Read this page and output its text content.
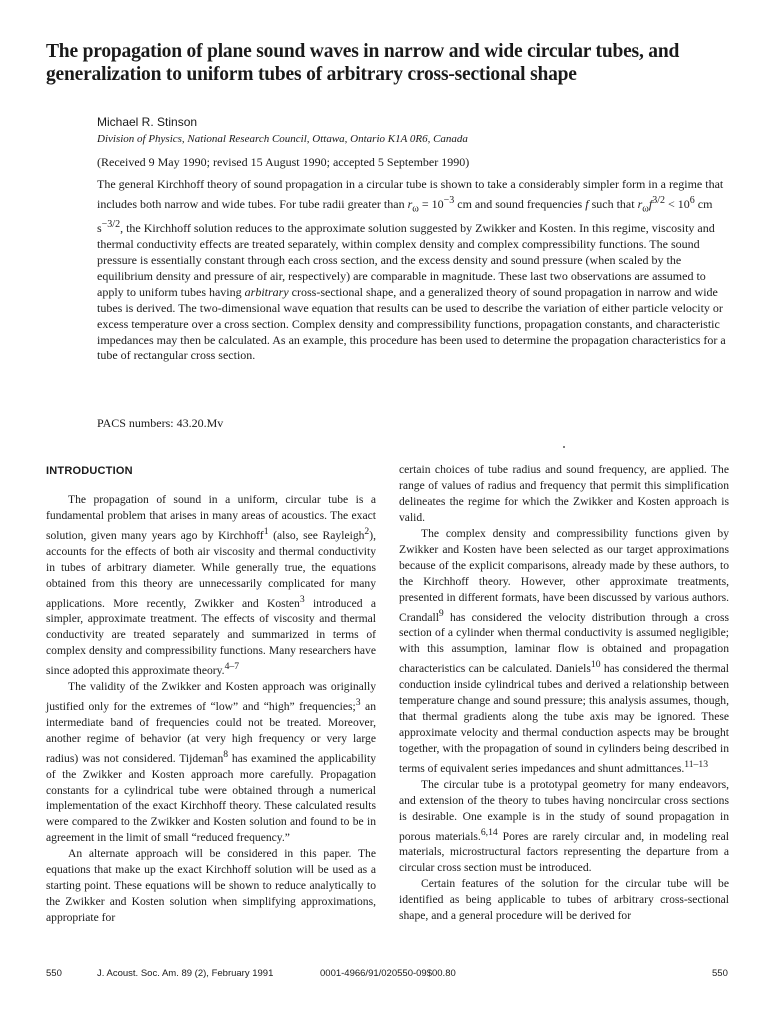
The propagation of plane sound waves in narrow and wide circular tubes, and generalization to uniform tubes of arbitrary cross-sectional shape
Michael R. Stinson
Division of Physics, National Research Council, Ottawa, Ontario K1A 0R6, Canada
(Received 9 May 1990; revised 15 August 1990; accepted 5 September 1990)

The general Kirchhoff theory of sound propagation in a circular tube is shown to take a considerably simpler form in a regime that includes both narrow and wide tubes. For tube radii greater than $r_\omega = 10^{-3}$ cm and sound frequencies f such that $r_\omega f^{3/2} < 10^6$ cm $s^{-3/2}$, the Kirchhoff solution reduces to the approximate solution suggested by Zwikker and Kosten. In this regime, viscosity and thermal conductivity effects are treated separately, within complex density and complex compressibility functions. The sound pressure is essentially constant through each cross section, and the excess density and sound pressure (when scaled by the equilibrium density and pressure of air, respectively) are comparable in magnitude. These last two observations are assumed to apply to uniform tubes having arbitrary cross-sectional shape, and a generalized theory of sound propagation in narrow and wide tubes is derived. The two-dimensional wave equation that results can be used to describe the variation of either particle velocity or excess temperature over a cross section. Complex density and compressibility functions, propagation constants, and characteristic impedances may then be calculated. As an example, this procedure has been used to determine the propagation characteristics for a tube of rectangular cross section.

PACS numbers: 43.20.Mv
INTRODUCTION

The propagation of sound in a uniform, circular tube is a fundamental problem that arises in many areas of acoustics. The exact solution, given many years ago by Kirchhoff$^1$ (also, see Rayleigh$^2$), accounts for the effects of both air viscosity and thermal conductivity in tubes of arbitrary diameter. While generally true, the equations obtained from this theory are unnecessarily complicated for many applications. More recently, Zwikker and Kosten$^3$ introduced a simpler, approximate treatment. The effects of viscosity and thermal conductivity are treated separately and summarized in terms of complex density and compressibility functions. Many researchers have since adopted this approximate theory.$^{4-7}$

The validity of the Zwikker and Kosten approach was originally justified only for the extremes of “low” and “high” frequencies;$^3$ an intermediate band of frequencies could not be treated. Moreover, another regime of behavior (at very high frequency or very large radius) was not considered. Tijdeman$^8$ has examined the applicability of the Zwikker and Kosten approach more carefully. Propagation constants for a cylindrical tube were obtained through a numerical implementation of the exact Kirchhoff theory. These calculated results were compared to the Zwikker and Kosten solution and found to be in agreement in the limit of small “reduced frequency.”

An alternate approach will be considered in this paper. The equations that make up the exact Kirchhoff solution will be used as a starting point. These equations will be shown to reduce analytically to the Zwikker and Kosten solution when simplifying approximations, appropriate for

certain choices of tube radius and sound frequency, are applied. The range of values of radius and frequency that permit this simplification delineates the regime for which the Zwikker and Kosten approach is valid.

The complex density and compressibility functions given by Zwikker and Kosten have been selected as our target approximations because of the explicit comparisons, already made by these authors, to the Kirchhoff theory. However, other approximate treatments, presented in different formats, have been discussed by various authors. Crandall$^9$ has considered the velocity distribution through a cross section of a cylinder when thermal conductivity is assumed negligible; with this assumption, laminar flow is obtained and propagation characteristics can be calculated. Daniels$^{10}$ has considered the thermal conduction inside cylindrical tubes and derived a relationship between temperature change and sound pressure; this analysis assumes, though, that thermal gradients along the tube axis may be ignored. These approximate velocity and thermal conduction aspects may be brought together, with the propagation of sound in cylinders being described in terms of equivalent series impedances and shunt admittances.$^{11-13}$

The circular tube is a prototypal geometry for many endeavors, and extension of the theory to tubes having noncircular cross sections is desirable. One example is in the study of sound propagation in porous materials.$^{6,14}$ Pores are rarely circular and, in modeling real materials, microstructural factors representing the departure from a circular cross section must be introduced.

Certain features of the solution for the circular tube will be identified as being applicable to tubes of arbitrary cross-sectional shape, and a general procedure will be derived for

550	J. Acoust. Soc. Am. 89 (2), February 1991	0001-4966/91/020550-09$00.80	550
